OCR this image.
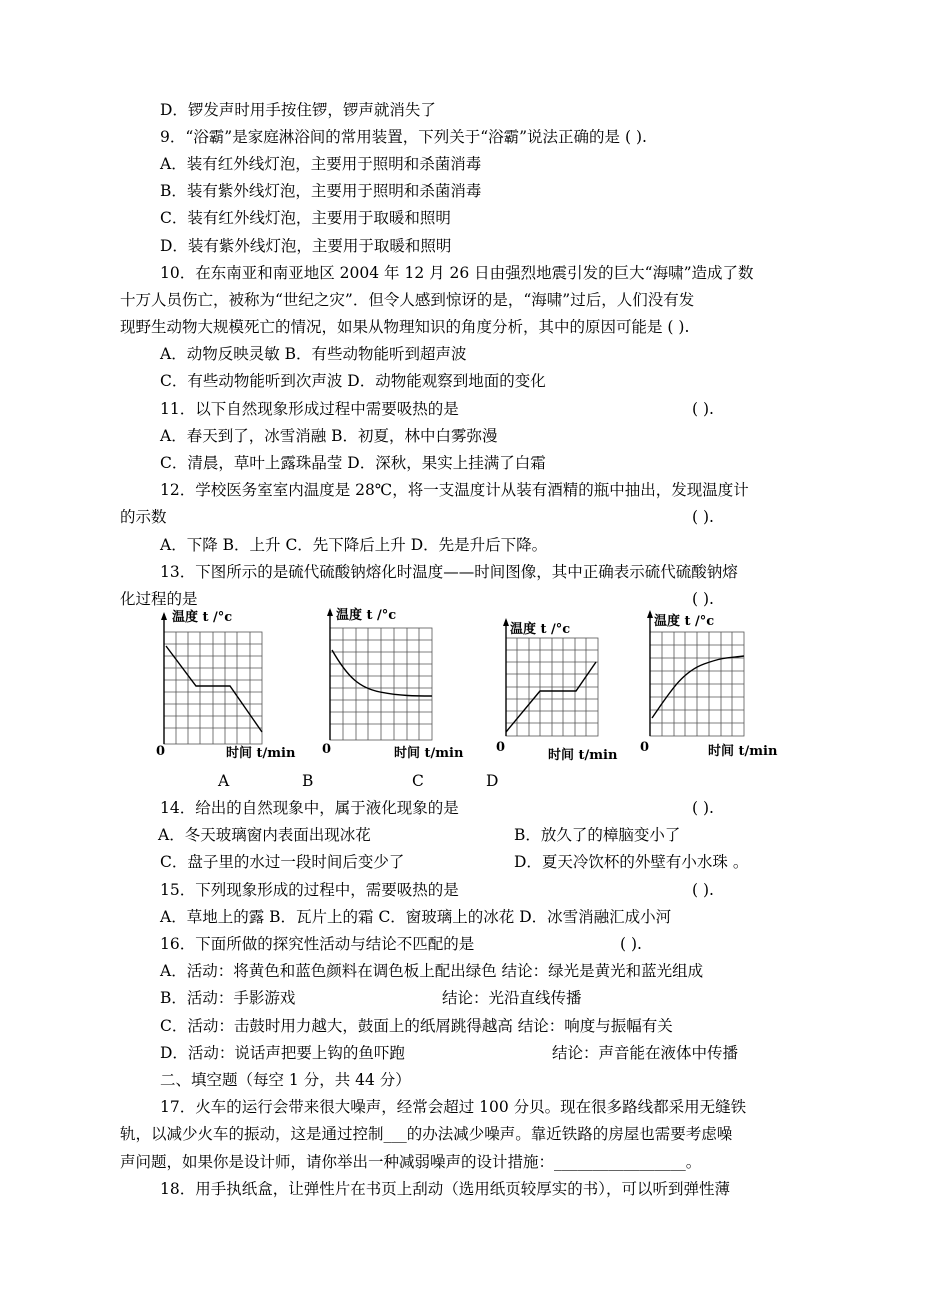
D．锣发声时用手按住锣，锣声就消失了
9．“浴霸”是家庭淋浴间的常用装置，下列关于“浴霸”说法正确的是 ( ).
A．装有红外线灯泡，主要用于照明和杀菌消毒
B．装有紫外线灯泡，主要用于照明和杀菌消毒
C．装有红外线灯泡，主要用于取暖和照明
D．装有紫外线灯泡，主要用于取暖和照明
10．在东南亚和南亚地区 2004 年 12 月 26 日由强烈地震引发的巨大“海啸”造成了数
十万人员伤亡，被称为“世纪之灾”．但令人感到惊讶的是，“海啸”过后，人们没有发
现野生动物大规模死亡的情况，如果从物理知识的角度分析，其中的原因可能是 ( ).
A．动物反映灵敏 B．有些动物能听到超声波
C．有些动物能听到次声波 D．动物能观察到地面的变化
11．以下自然现象形成过程中需要吸热的是	( ).
A．春天到了，冰雪消融 B．初夏，林中白雾弥漫
C．清晨，草叶上露珠晶莹 D．深秋，果实上挂满了白霜
12．学校医务室室内温度是 28℃，将一支温度计从装有酒精的瓶中抽出，发现温度计
的示数	( ).
A．下降 B．上升 C．先下降后上升 D．先是升后下降。
13．下图所示的是硫代硫酸钠熔化时温度——时间图像，其中正确表示硫代硫酸钠熔
化过程的是	( ).
温度 t /°c
0	时间 t/min
温度 t /°c
0	时间 t/min
温度 t /°c
0
时间 t/min
温度 t /°c
0	时间 t/min
A	B	C	D
14．给出的自然现象中，属于液化现象的是	( ).
A．冬天玻璃窗内表面出现冰花	B．放久了的樟脑变小了
C．盘子里的水过一段时间后变少了	D．夏天冷饮杯的外壁有小水珠 。
15．下列现象形成的过程中，需要吸热的是	( ).
A．草地上的露 B．瓦片上的霜 C．窗玻璃上的冰花 D．冰雪消融汇成小河
16．下面所做的探究性活动与结论不匹配的是	( ).
A．活动：将黄色和蓝色颜料在调色板上配出绿色 结论：绿光是黄光和蓝光组成
B．活动：手影游戏	结论：光沿直线传播
C．活动：击鼓时用力越大，鼓面上的纸屑跳得越高 结论：响度与振幅有关
D．活动：说话声把要上钩的鱼吓跑	结论：声音能在液体中传播
二、填空题（每空 1 分，共 44 分）
17．火车的运行会带来很大噪声，经常会超过 100 分贝。现在很多路线都采用无缝铁
轨，以减少火车的振动，这是通过控制___的办法减少噪声。靠近铁路的房屋也需要考虑噪
声问题，如果你是设计师，请你举出一种减弱噪声的设计措施：_________________。
18．用手执纸盒，让弹性片在书页上刮动（选用纸页较厚实的书），可以听到弹性薄
